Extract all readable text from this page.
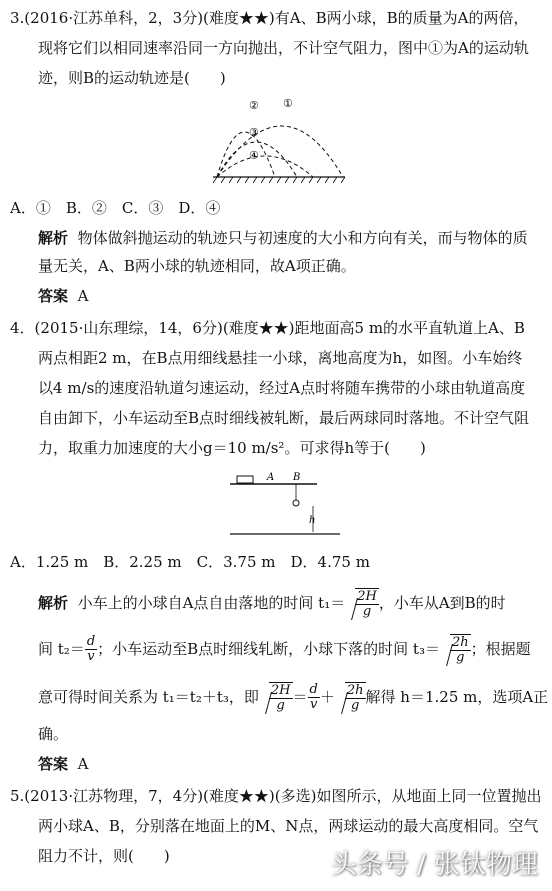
3.(2016·江苏单科，2，3分)(难度★★)有A、B两小球，B的质量为A的两倍，
现将它们以相同速率沿同一方向抛出，不计空气阻力，图中①为A的运动轨
迹，则B的运动轨迹是(　　)
② ①
③
④
A．①　B．②　C．③　D．④
解析 物体做斜抛运动的轨迹只与初速度的大小和方向有关，而与物体的质
量无关，A、B两小球的轨迹相同，故A项正确。
答案 A
4．(2015·山东理综，14，6分)(难度★★)距地面高5 m的水平直轨道上A、B
两点相距2 m，在B点用细线悬挂一小球，离地高度为h，如图。小车始终
以4 m/s的速度沿轨道匀速运动，经过A点时将随车携带的小球由轨道高度
自由卸下，小车运动至B点时细线被轧断，最后两球同时落地。不计空气阻
力，取重力加速度的大小g＝10 m/s²。可求得h等于(　　)
A B
h
A．1.25 m　B．2.25 m　C．3.75 m　D．4.75 m
解析
小车上的小球自A点自由落地的时间 $t_1= \frac{2H}{g}$ ，小车从A到B的时
间 $t_2= \frac{d}{v}$ ；小车运动至B点时细线轧断，小球下落的时间 $t_3= \frac{2h}{g}$ ；根据题
意可得时间关系为 t₁＝t₂＋t₃，即 $\frac{2H}{g} = \frac{d}{v} + \frac{2h}{g}$ 解得 h＝1.25 m，选项A正
确。
答案 A
5.(2013·江苏物理，7，4分)(难度★★)(多选)如图所示，从地面上同一位置抛出
两小球A、B，分别落在地面上的M、N点，两球运动的最大高度相同。空气
阻力不计，则(　　)	头条号 / 张钛物理
